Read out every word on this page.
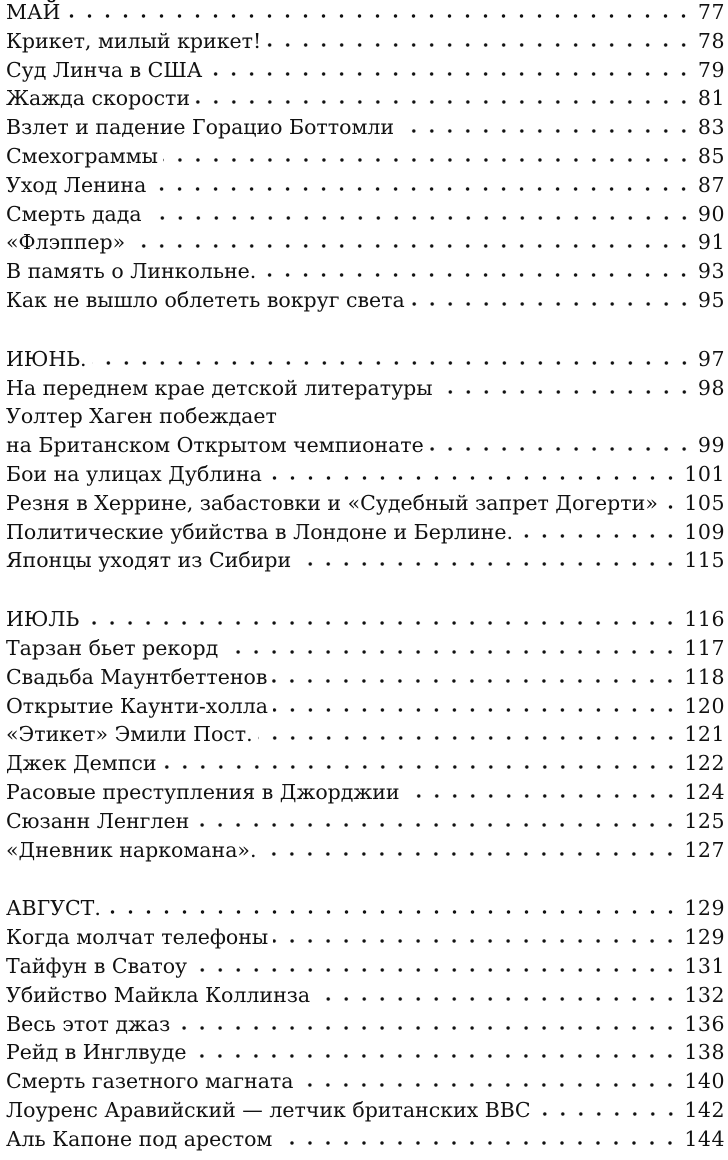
МАЙ	77
Крикет, милый крикет!	78
Суд Линча в США	79
Жажда скорости	81
Взлет и падение Горацио Боттомли	83
Смехограммы	85
Уход Ленина	87
Смерть дада	90
«Флэппер»	91
В память о Линкольне.	93
Как не вышло облететь вокруг света	95
ИЮНЬ.	97
На переднем крае детской литературы	98
Уолтер Хаген побеждает
на Британском Открытом чемпионате	99
Бои на улицах Дублина	101
Резня в Херрине, забастовки и «Судебный запрет Догерти» 105
Политические убийства в Лондоне и Берлине.	109
Японцы уходят из Сибири	115
ИЮЛЬ	116
Тарзан бьет рекорд	117
Свадьба Маунтбеттенов	118
Открытие Каунти-холла	120
«Этикет» Эмили Пост.	121
Джек Демпси	122
Расовые преступления в Джорджии	124
Сюзанн Ленглен	125
«Дневник наркомана».	127
АВГУСТ.	129
Когда молчат телефоны	129
Тайфун в Сватоу	131
Убийство Майкла Коллинза	132
Весь этот джаз	136
Рейд в Инглвуде	138
Смерть газетного магната	140
Лоуренс Аравийский — летчик британских ВВС	142
Аль Капоне под арестом	144
